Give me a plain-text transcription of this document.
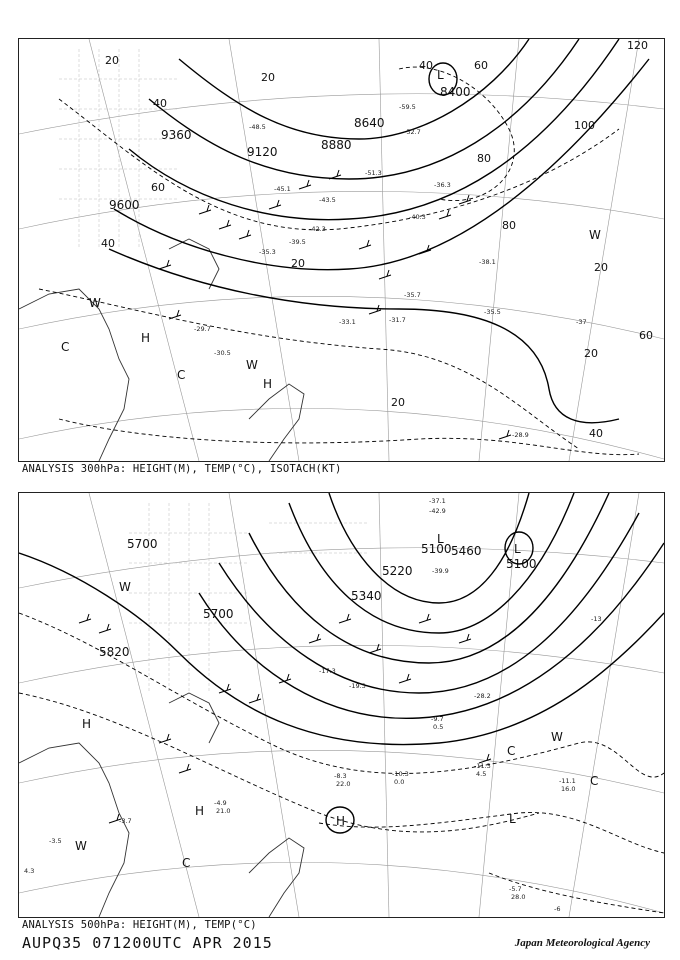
9360
9120	8880
8640
9600
8400
20
40
60
80
100
120
20
40	60
80
20
40
20
60
20
40
20
L
H
H
C
C
W
W
W
-39.5
-40.3
-42.3
-35.3
-33.1	-31.7
-35.5
-38.1
-35.7
-29.7
-30.5
-28.9
-37
-51.3
-59.5
-52.7
-48.5
-45.1
-43.5
-36.3
ANALYSIS 300hPa: HEIGHT(M), TEMP(°C), ISOTACH(KT)
5700
5700
5820
5220
5340
5460
5100
5100	L
L
H
H
H
W
W
W
C
C
C
L
-11.3
4.5
-11.1
16.0
-5.7
28.0
-10.3
0.0
-8.3
22.0
-9.7
0.5
-42.9
-37.1
-39.9
-28.2
-19.3
-17.3
-3.7
-4.9
21.0
-6
-13
-3.5
4.3
ANALYSIS 500hPa: HEIGHT(M), TEMP(°C)
AUPQ35 071200UTC APR 2015	Japan Meteorological Agency
